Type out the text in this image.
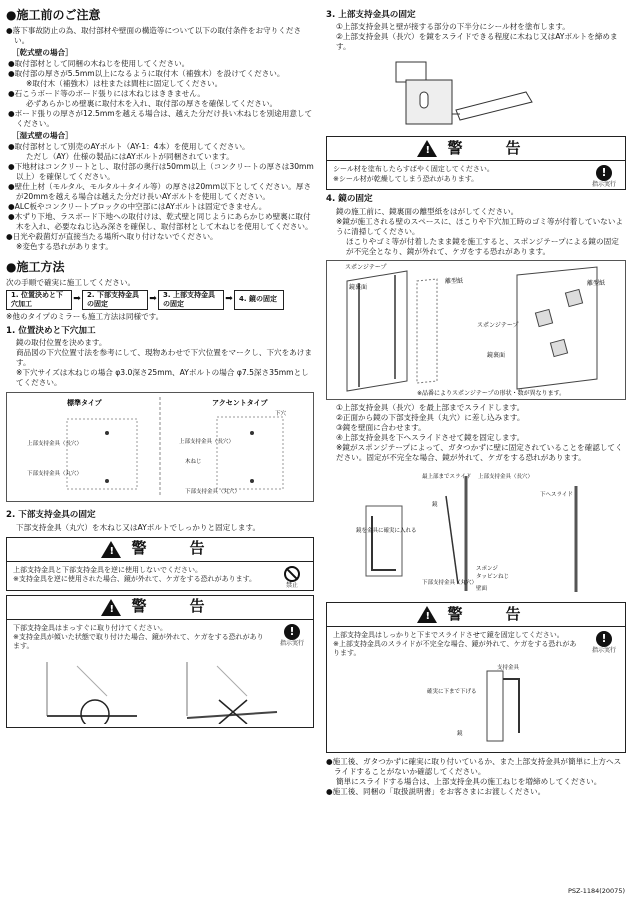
●施工前のご注意

●落下事故防止の為、取付部材や壁面の構造等について以下の取付条件をお守りください。

［乾式壁の場合］

●取付部材として同梱の木ねじを使用してください。

●取付部の厚さが5.5mm以上になるように取付木（補強木）を設けてください。

※取付木（補強木）は柱または間柱に固定してください。

●石こうボード等のボード張りには木ねじはききません。

必ずあらかじめ壁裏に取付木を入れ、取付部の厚さを確保してください。

●ボード張りの厚さが12.5mmを越える場合は、越えた分だけ長い木ねじを別途用意してください。

［湿式壁の場合］

●取付部材として別売のAYボルト（AY-1：4本）を使用してください。

ただし（AY）仕様の製品にはAYボルトが同梱されています。

●下地材はコンクリートとし、取付部の奥行は50mm以上（コンクリートの厚さは30mm以上）を確保してください。

●壁仕上材（モルタル、モルタル＋タイル等）の厚さは20mm以下としてください。厚さが20mmを越える場合は越えた分だけ長いAYボルトを使用してください。

●ALC板やコンクリートブロックの中空部にはAYボルトは固定できません。

●木ずり下地、ラスボード下地への取付けは、乾式壁と同じようにあらかじめ壁裏に取付木を入れ、必要なねじ込み深さを確保し、取付部材として木ねじを使用してください。

●日光や殺菌灯が直接当たる場所へ取り付けないでください。

※変色する恐れがあります。

●施工方法

次の手順で確実に施工してください。

1. 位置決めと下穴加工	➡ 2. 下部支持金具の固定	➡ 3. 上部支持金具の固定	➡ 4. 鏡の固定

※他のタイプのミラーも施工方法は同様です。

1. 位置決めと下穴加工

鏡の取付位置を決めます。

商品図の下穴位置寸法を参考にして、現物あわせで下穴位置をマークし、下穴をあけます。

※下穴サイズは木ねじの場合 φ3.0深さ25mm、AYボルトの場合 φ7.5深さ35mmとしてください。

標準タイプ	アクセントタイプ
上部支持金具（長穴）
下部支持金具（丸穴）
下穴
上部支持金具（長穴）
木ねじ
下部支持金具（丸穴）
2. 下部支持金具の固定

下部支持金具（丸穴）を木ねじ又はAYボルトでしっかりと固定します。

! 警　告

上部支持金具と下部支持金具を逆に使用しないでください。

※支持金具を逆に使用された場合、鏡が外れて、ケガをする恐れがあります。

禁止
! 警　告

下部支持金具はまっすぐに取り付けてください。

※支持金具が傾いた状態で取り付けた場合、鏡が外れて、ケガをする恐れがあります。

!
指示実行
3. 上部支持金具の固定

①上部支持金具と壁が接する部分の下半分にシール材を塗布します。

②上部支持金具（長穴）を鏡をスライドできる程度に木ねじ又はAYボルトを締めます。

! 警　告

シール材を塗布したらすばやく固定してください。

※シール材が乾燥してしまう恐れがあります。	!
指示実行
4. 鏡の固定

鏡の施工前に、鏡裏面の離型紙をはがしてください。

※鏡が施工される壁のスペースに、ほこりや下穴加工時のゴミ等が付着していないように清掃してください。

ほこりやゴミ等が付着したまま鏡を施工すると、スポンジテープによる鏡の固定が不完全となり、鏡が外れて、ケガをする恐れがあります。

スポンジテープ
鏡裏面
離型紙
スポンジテープ
鏡裏面
離型紙
※品番によりスポンジテープの形状・数が異なります。

①上部支持金具（長穴）を最上部までスライドします。

②正面から鏡の下部支持金具（丸穴）に差し込みます。

③鏡を壁面に合わせます。

④上部支持金具を下へスライドさせて鏡を固定します。

※鏡がスポンジテープによって、ガタつかずに壁に固定されていることを確認してください。固定が不完全な場合、鏡が外れて、ケガをする恐れがあります。

最上部までスライド 上部支持金具（長穴）
鏡
鏡を金具に確実に入れる
スポンジ
タッピンねじ
下部支持金具（丸穴）
壁面
下へスライド
! 警　告

上部支持金具はしっかりと下までスライドさせて鏡を固定してください。

※上部支持金具のスライドが不完全な場合、鏡が外れて、ケガをする恐れがあります。

!
指示実行
支持金具
確実に下まで下げる
鏡

●施工後、ガタつかずに確実に取り付いているか、また上部支持金具が簡単に上方へスライドすることがないか確認してください。

簡単にスライドする場合は、上部支持金具の施工ねじを増締めしてください。

●施工後、同梱の「取扱説明書」をお客さまにお渡しください。

PSZ-1184(20075)
